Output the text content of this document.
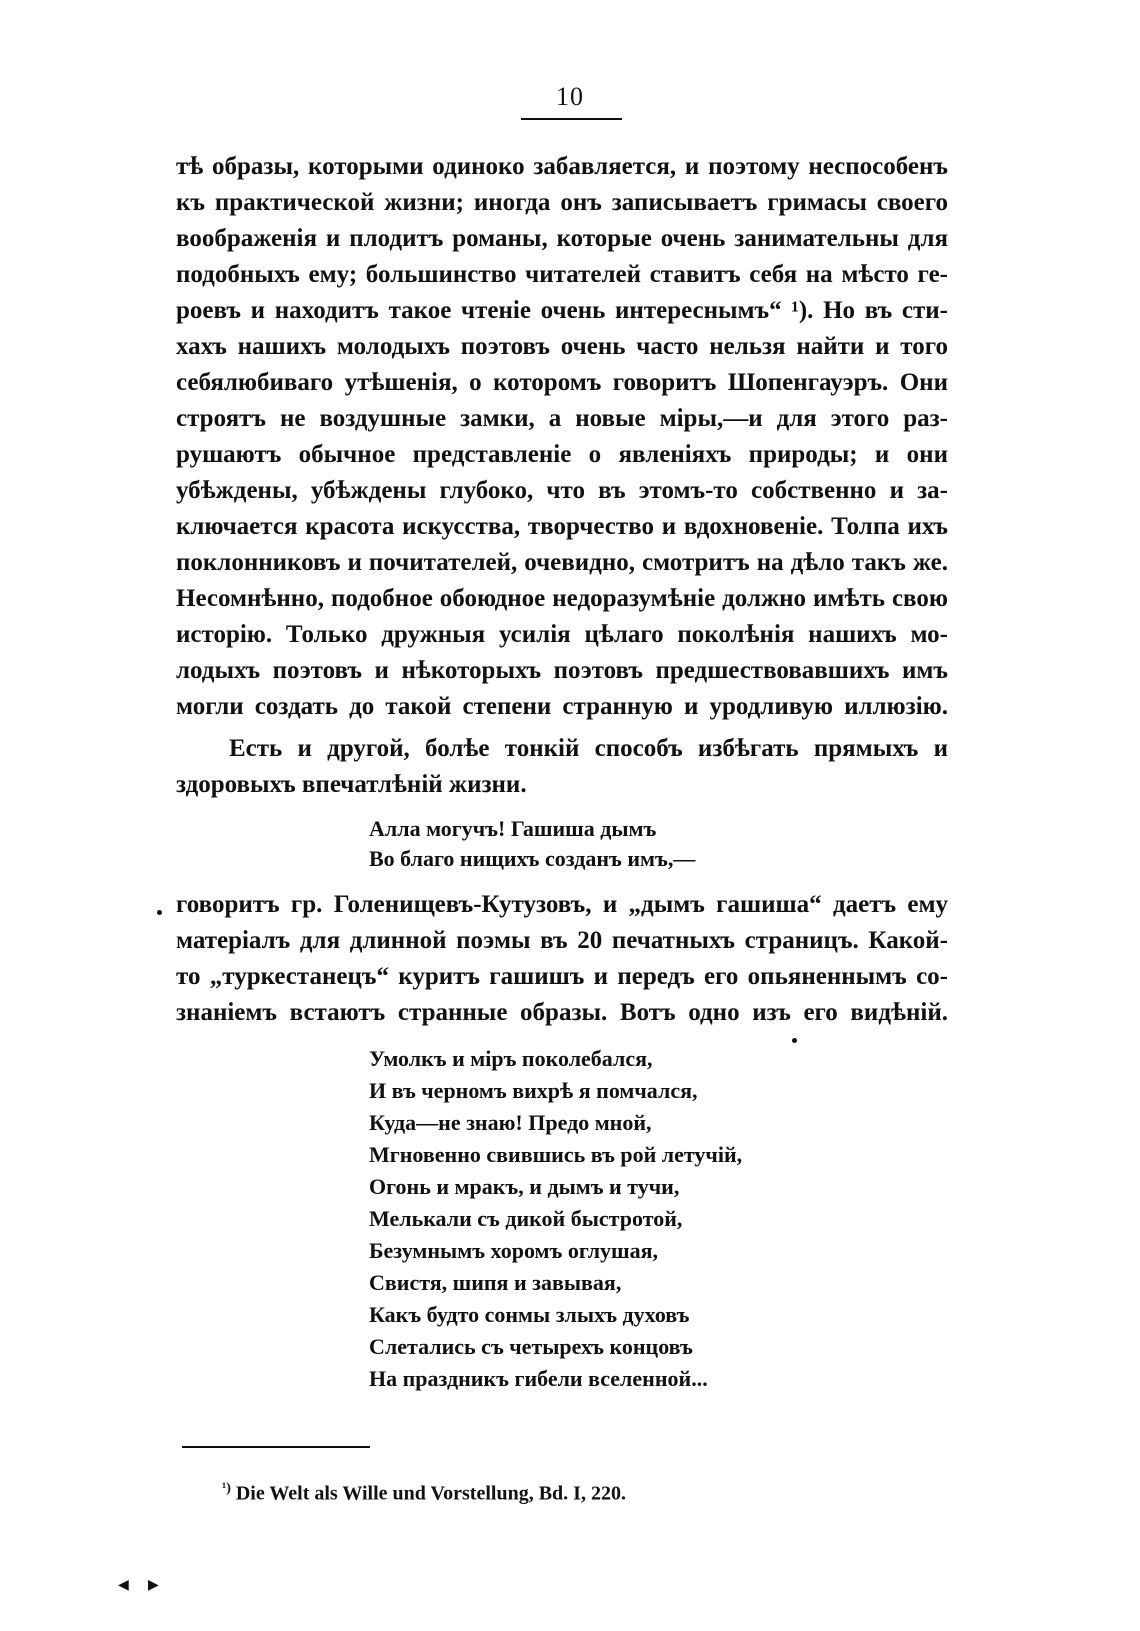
10
тѣ образы, которыми одиноко забавляется, и поэтому неспособенъ
къ практической жизни; иногда онъ записываетъ гримасы своего
воображенія и плодитъ романы, которые очень занимательны для
подобныхъ ему; большинство читателей ставитъ себя на мѣсто ге-
роевъ и находитъ такое чтеніе очень интереснымъ“ ¹). Но въ сти-
хахъ нашихъ молодыхъ поэтовъ очень часто нельзя найти и того
себялюбиваго утѣшенія, о которомъ говоритъ Шопенгауэръ. Они
строятъ не воздушные замки, а новые міры,—и для этого раз-
рушаютъ обычное представленіе о явленіяхъ природы; и они
убѣждены, убѣждены глубоко, что въ этомъ-то собственно и за-
ключается красота искусства, творчество и вдохновеніе. Толпа ихъ
поклонниковъ и почитателей, очевидно, смотритъ на дѣло такъ же.
Несомнѣнно, подобное обоюдное недоразумѣніе должно имѣть свою
исторію. Только дружныя усилія цѣлаго поколѣнія нашихъ мо-
лодыхъ поэтовъ и нѣкоторыхъ поэтовъ предшествовавшихъ имъ
могли создать до такой степени странную и уродливую иллюзію.
Есть и другой, болѣе тонкій способъ избѣгать прямыхъ и
здоровыхъ впечатлѣній жизни.
Алла могучъ! Гашиша дымъ
Во благо нищихъ созданъ имъ,—
говоритъ гр. Голенищевъ-Кутузовъ, и „дымъ гашиша“ даетъ ему
матеріалъ для длинной поэмы въ 20 печатныхъ страницъ. Какой-
то „туркестанецъ“ куритъ гашишъ и передъ его опьяненнымъ со-
знаніемъ встаютъ странные образы. Вотъ одно изъ его видѣній.
Умолкъ и міръ поколебался,
И въ черномъ вихрѣ я помчался,
Куда—не знаю! Предо мной,
Мгновенно свившись въ рой летучій,
Огонь и мракъ, и дымъ и тучи,
Мелькали съ дикой быстротой,
Безумнымъ хоромъ оглушая,
Свистя, шипя и завывая,
Какъ будто сонмы злыхъ духовъ
Слетались съ четырехъ концовъ
На праздникъ гибели вселенной...
$^{^1)}$ Die Welt als Wille und Vorstellung, Bd. I, 220.
◀ ▶
